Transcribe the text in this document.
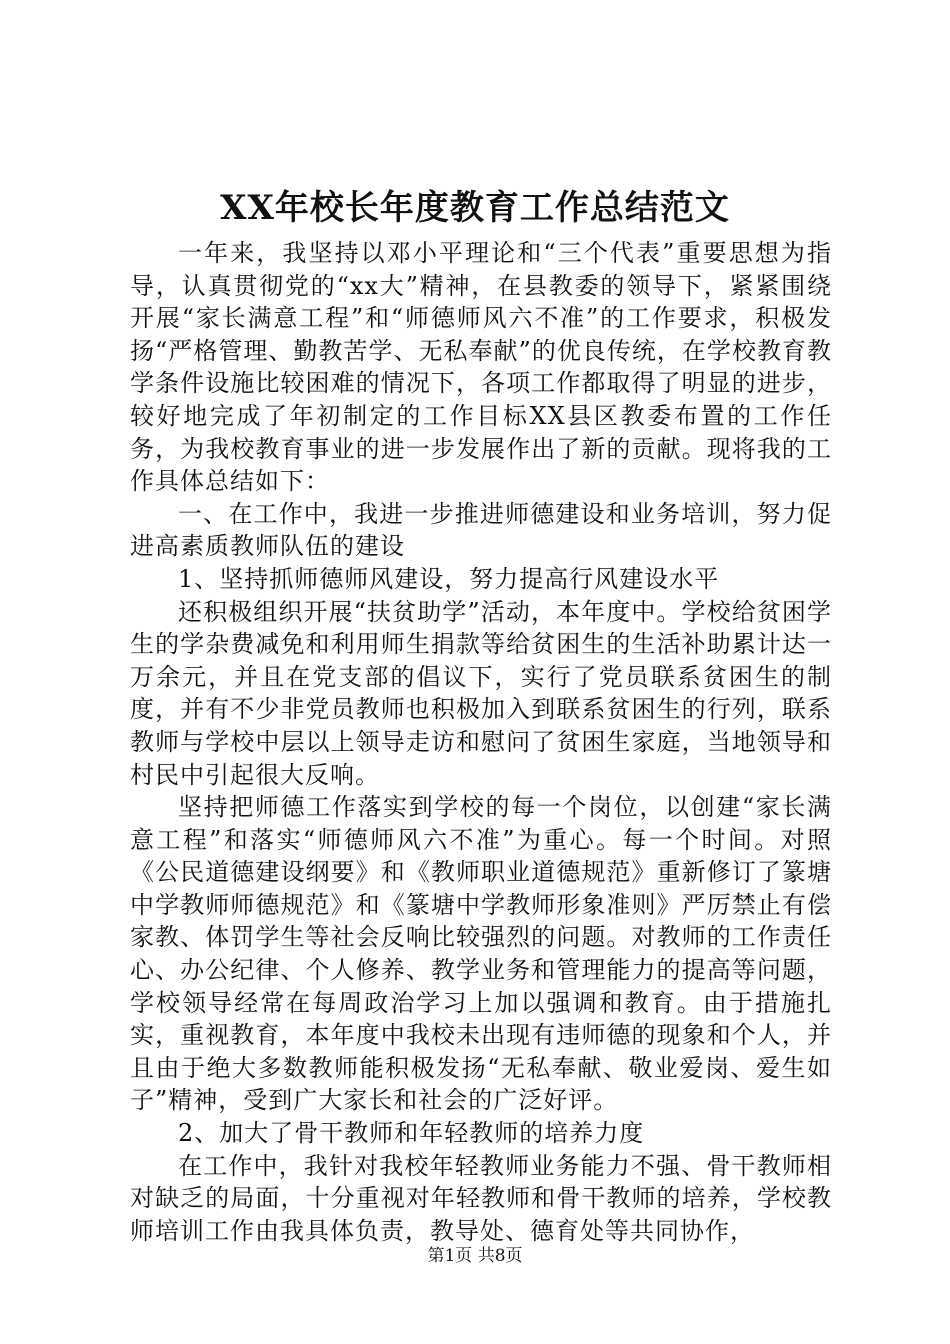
XX年校长年度教育工作总结范文

一年来，我坚持以邓小平理论和“三个代表”重要思想为指导，认真贯彻党的“xx大”精神，在县教委的领导下，紧紧围绕开展“家长满意工程”和“师德师风六不准”的工作要求，积极发扬“严格管理、勤教苦学、无私奉献”的优良传统，在学校教育教学条件设施比较困难的情况下，各项工作都取得了明显的进步，较好地完成了年初制定的工作目标XX县区教委布置的工作任务，为我校教育事业的进一步发展作出了新的贡献。现将我的工作具体总结如下：

一、在工作中，我进一步推进师德建设和业务培训，努力促进高素质教师队伍的建设

1、坚持抓师德师风建设，努力提高行风建设水平

还积极组织开展“扶贫助学”活动，本年度中。学校给贫困学生的学杂费减免和利用师生捐款等给贫困生的生活补助累计达一万余元，并且在党支部的倡议下，实行了党员联系贫困生的制度，并有不少非党员教师也积极加入到联系贫困生的行列，联系教师与学校中层以上领导走访和慰问了贫困生家庭，当地领导和村民中引起很大反响。

坚持把师德工作落实到学校的每一个岗位，以创建“家长满意工程”和落实“师德师风六不准”为重心。每一个时间。对照《公民道德建设纲要》和《教师职业道德规范》重新修订了篆塘中学教师师德规范》和《篆塘中学教师形象准则》严厉禁止有偿家教、体罚学生等社会反响比较强烈的问题。对教师的工作责任心、办公纪律、个人修养、教学业务和管理能力的提高等问题，学校领导经常在每周政治学习上加以强调和教育。由于措施扎实，重视教育，本年度中我校未出现有违师德的现象和个人，并且由于绝大多数教师能积极发扬“无私奉献、敬业爱岗、爱生如子”精神，受到广大家长和社会的广泛好评。

2、加大了骨干教师和年轻教师的培养力度

在工作中，我针对我校年轻教师业务能力不强、骨干教师相对缺乏的局面，十分重视对年轻教师和骨干教师的培养，学校教师培训工作由我具体负责，教导处、德育处等共同协作，

第1页 共8页
